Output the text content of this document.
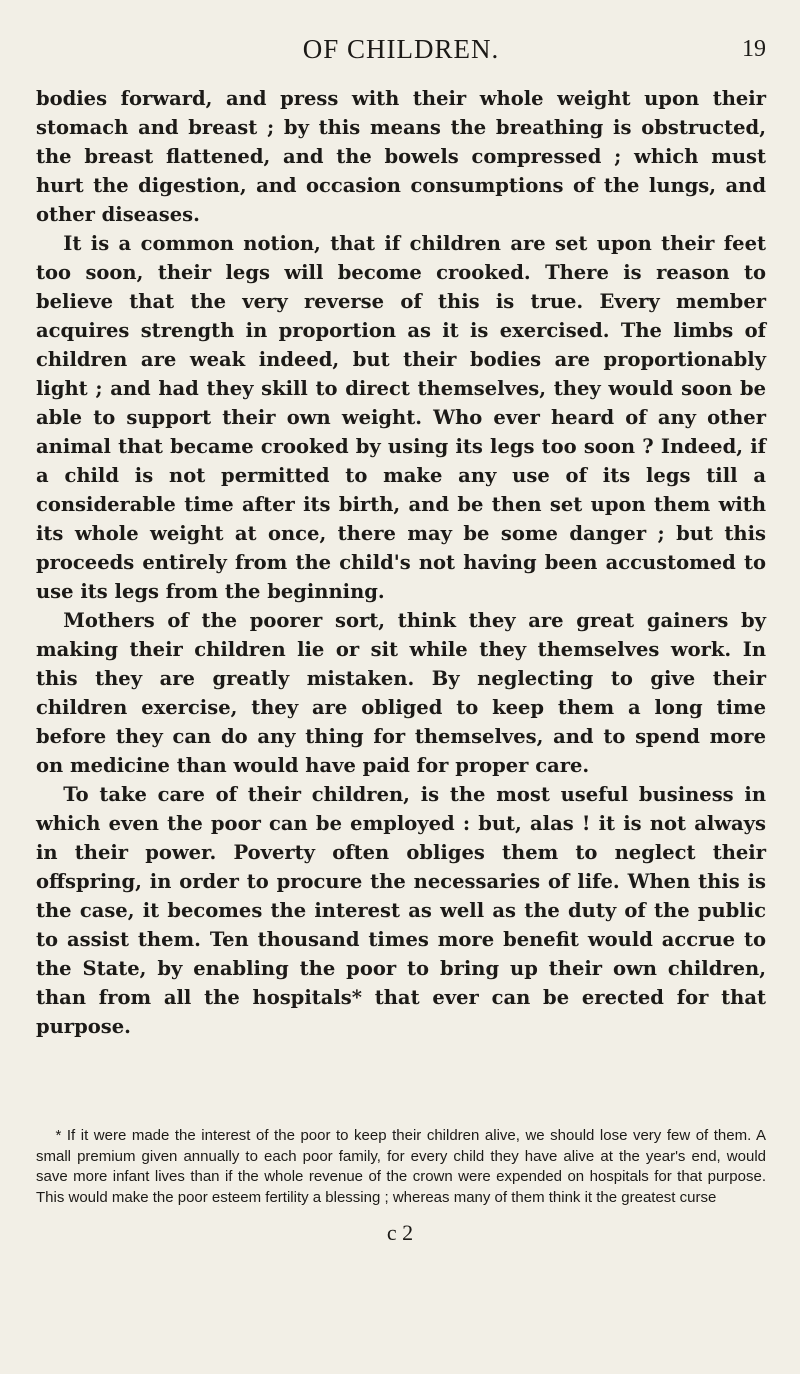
OF CHILDREN.	19

bodies forward, and press with their whole weight upon their stomach and breast ; by this means the breathing is obstructed, the breast flattened, and the bowels compressed ; which must hurt the digestion, and occasion consumptions of the lungs, and other diseases.

It is a common notion, that if children are set upon their feet too soon, their legs will become crooked. There is reason to believe that the very reverse of this is true. Every member acquires strength in proportion as it is exercised. The limbs of children are weak indeed, but their bodies are proportionably light ; and had they skill to direct themselves, they would soon be able to support their own weight. Who ever heard of any other animal that became crooked by using its legs too soon ? Indeed, if a child is not permitted to make any use of its legs till a considerable time after its birth, and be then set upon them with its whole weight at once, there may be some danger ; but this proceeds entirely from the child's not having been accustomed to use its legs from the beginning.

Mothers of the poorer sort, think they are great gainers by making their children lie or sit while they themselves work. In this they are greatly mistaken. By neglecting to give their children exercise, they are obliged to keep them a long time before they can do any thing for themselves, and to spend more on medicine than would have paid for proper care.

To take care of their children, is the most useful business in which even the poor can be employed : but, alas ! it is not always in their power. Poverty often obliges them to neglect their offspring, in order to procure the necessaries of life. When this is the case, it becomes the interest as well as the duty of the public to assist them. Ten thousand times more benefit would accrue to the State, by enabling the poor to bring up their own children, than from all the hospitals* that ever can be erected for that purpose.

* If it were made the interest of the poor to keep their children alive, we should lose very few of them. A small premium given annually to each poor family, for every child they have alive at the year's end, would save more infant lives than if the whole revenue of the crown were expended on hospitals for that purpose. This would make the poor esteem fertility a blessing ; whereas many of them think it the greatest curse

c 2
